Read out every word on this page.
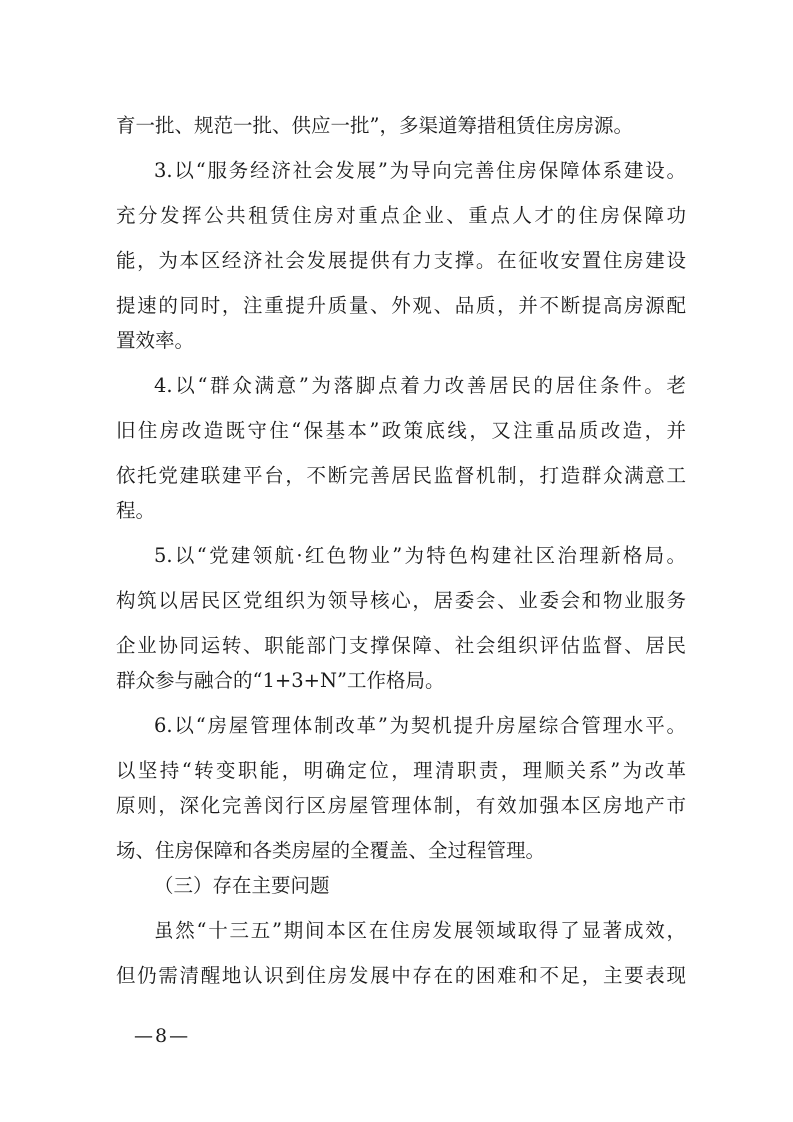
育一批、规范一批、供应一批”，多渠道筹措租赁住房房源。
3.以“服务经济社会发展”为导向完善住房保障体系建设。
充分发挥公共租赁住房对重点企业、重点人才的住房保障功
能，为本区经济社会发展提供有力支撑。在征收安置住房建设
提速的同时，注重提升质量、外观、品质，并不断提高房源配
置效率。
4.以“群众满意”为落脚点着力改善居民的居住条件。老
旧住房改造既守住“保基本”政策底线，又注重品质改造，并
依托党建联建平台，不断完善居民监督机制，打造群众满意工
程。
5.以“党建领航·红色物业”为特色构建社区治理新格局。
构筑以居民区党组织为领导核心，居委会、业委会和物业服务
企业协同运转、职能部门支撑保障、社会组织评估监督、居民
群众参与融合的“1+3+N”工作格局。
6.以“房屋管理体制改革”为契机提升房屋综合管理水平。
以坚持“转变职能，明确定位，理清职责，理顺关系”为改革
原则，深化完善闵行区房屋管理体制，有效加强本区房地产市
场、住房保障和各类房屋的全覆盖、全过程管理。
（三）存在主要问题
虽然“十三五”期间本区在住房发展领域取得了显著成效，
但仍需清醒地认识到住房发展中存在的困难和不足，主要表现
—8—
